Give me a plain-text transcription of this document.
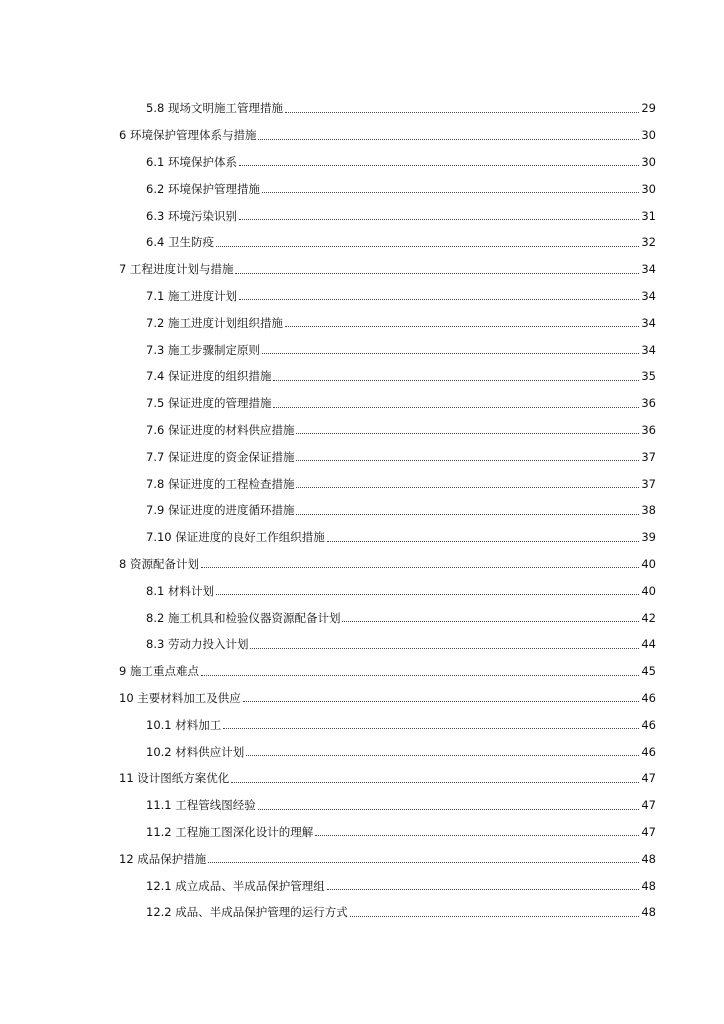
5.8 现场文明施工管理措施	29
6 环境保护管理体系与措施	30
6.1 环境保护体系	30
6.2 环境保护管理措施	30
6.3 环境污染识别	31
6.4 卫生防疫	32
7 工程进度计划与措施	34
7.1 施工进度计划	34
7.2 施工进度计划组织措施	34
7.3 施工步骤制定原则	34
7.4 保证进度的组织措施	35
7.5 保证进度的管理措施	36
7.6 保证进度的材料供应措施	36
7.7 保证进度的资金保证措施	37
7.8 保证进度的工程检查措施	37
7.9 保证进度的进度循环措施	38
7.10 保证进度的良好工作组织措施	39
8 资源配备计划	40
8.1 材料计划	40
8.2 施工机具和检验仪器资源配备计划	42
8.3 劳动力投入计划	44
9 施工重点难点	45
10 主要材料加工及供应	46
10.1 材料加工	46
10.2 材料供应计划	46
11 设计图纸方案优化	47
11.1 工程管线图经验	47
11.2 工程施工图深化设计的理解	47
12 成品保护措施	48
12.1 成立成品、半成品保护管理组	48
12.2 成品、半成品保护管理的运行方式	48
